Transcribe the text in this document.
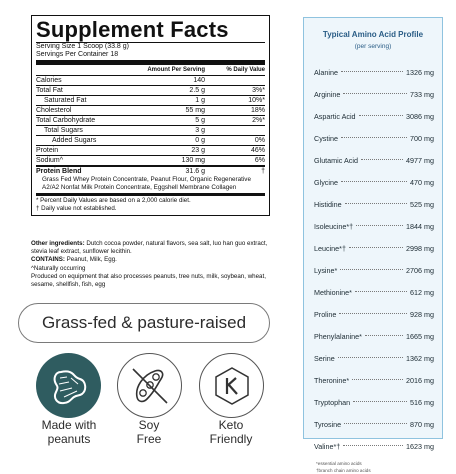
Supplement Facts
Serving Size 1 Scoop (33.8 g)
Servings Per Container 18
Amount Per Serving	% Daily Value
Calories	140
Total Fat	2.5 g	3%*
Saturated Fat	1 g	10%*
Cholesterol	55 mg	18%
Total Carbohydrate	5 g	2%*
Total Sugars	3 g
Added Sugars	0 g	0%
Protein	23 g	46%
Sodium^	130 mg	6%
Protein Blend	31.6 g	†
Grass Fed Whey Protein Concentrate, Peanut Flour, Organic Regenerative A2/A2 Nonfat Milk Protein Concentrate, Eggshell Membrane Collagen
* Percent Daily Values are based on a 2,000 calorie diet.
† Daily value not established.
Other ingredients: Dutch cocoa powder, natural flavors, sea salt, luo han guo extract, stevia leaf extract, sunflower lecithin.
CONTAINS: Peanut, Milk, Egg.
^Naturally occurring
Produced on equipment that also processes peanuts, tree nuts, milk, soybean, wheat, sesame, shellfish, fish, egg
Grass-fed & pasture-raised
Made with
peanuts
Soy
Free
Keto
Friendly
Typical Amino Acid Profile
(per serving)
Alanine	1326 mg
Arginine	733 mg
Aspartic Acid	3086 mg
Cystine	700 mg
Glutamic Acid	4977 mg
Glycine	470 mg
Histidine	525 mg
Isoleucine*†	1844 mg
Leucine*†	2998 mg
Lysine*	2706 mg
Methionine*	612 mg
Proline	928 mg
Phenylalanine*	1665 mg
Serine	1362 mg
Theronine*	2016 mg
Tryptophan	516 mg
Tyrosine	870 mg
Valine*†	1623 mg
*essential amino acids
†branch chain amino acids
